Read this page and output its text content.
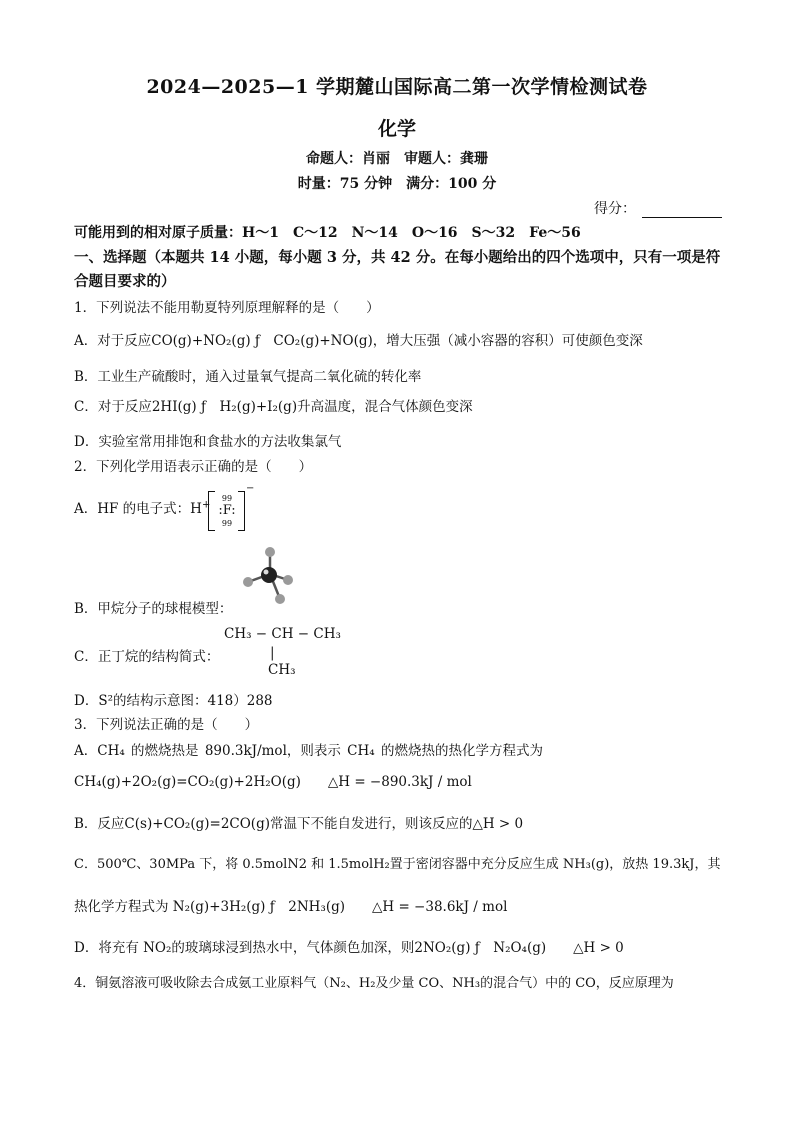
2024—2025—1 学期麓山国际高二第一次学情检测试卷
化学
命题人：肖丽　审题人：龚珊
时量：75 分钟　满分：100 分
得分：
可能用到的相对原子质量：H～1　C～12　N～14　O～16　S～32　Fe～56
一、选择题（本题共 14 小题，每小题 3 分，共 42 分。在每小题给出的四个选项中，只有一项是符合题目要求的）
1．下列说法不能用勒夏特列原理解释的是（　　）
A．对于反应CO(g)+NO₂(g) ƒ　CO₂(g)+NO(g)，增大压强（减小容器的容积）可使颜色变深
B．工业生产硫酸时，通入过量氧气提高二氧化硫的转化率
C．对于反应2HI(g) ƒ　H₂(g)+I₂(g)升高温度，混合气体颜色变深
D．实验室常用排饱和食盐水的方法收集氯气
2．下列化学用语表示正确的是（　　）
A．HF 的电子式：H+
99
:F:
99
−
B．甲烷分子的球棍模型：
CH₃ − CH − CH₃
C．正丁烷的结构简式：	|
CH₃
D．S²的结构示意图：418）288
3．下列说法正确的是（　　）
A．CH₄ 的燃烧热是 890.3kJ/mol，则表示 CH₄ 的燃烧热的热化学方程式为
CH₄(g)+2O₂(g)=CO₂(g)+2H₂O(g)　　△H = −890.3kJ / mol
B．反应C(s)+CO₂(g)=2CO(g)常温下不能自发进行，则该反应的△H > 0
C．500℃、30MPa 下，将 0.5molN2 和 1.5molH₂置于密闭容器中充分反应生成 NH₃(g)，放热 19.3kJ，其
热化学方程式为 N₂(g)+3H₂(g) ƒ　2NH₃(g)　　△H = −38.6kJ / mol
D．将充有 NO₂的玻璃球浸到热水中，气体颜色加深，则2NO₂(g) ƒ　N₂O₄(g)　　△H > 0
4．铜氨溶液可吸收除去合成氨工业原料气（N₂、H₂及少量 CO、NH₃的混合气）中的 CO，反应原理为
